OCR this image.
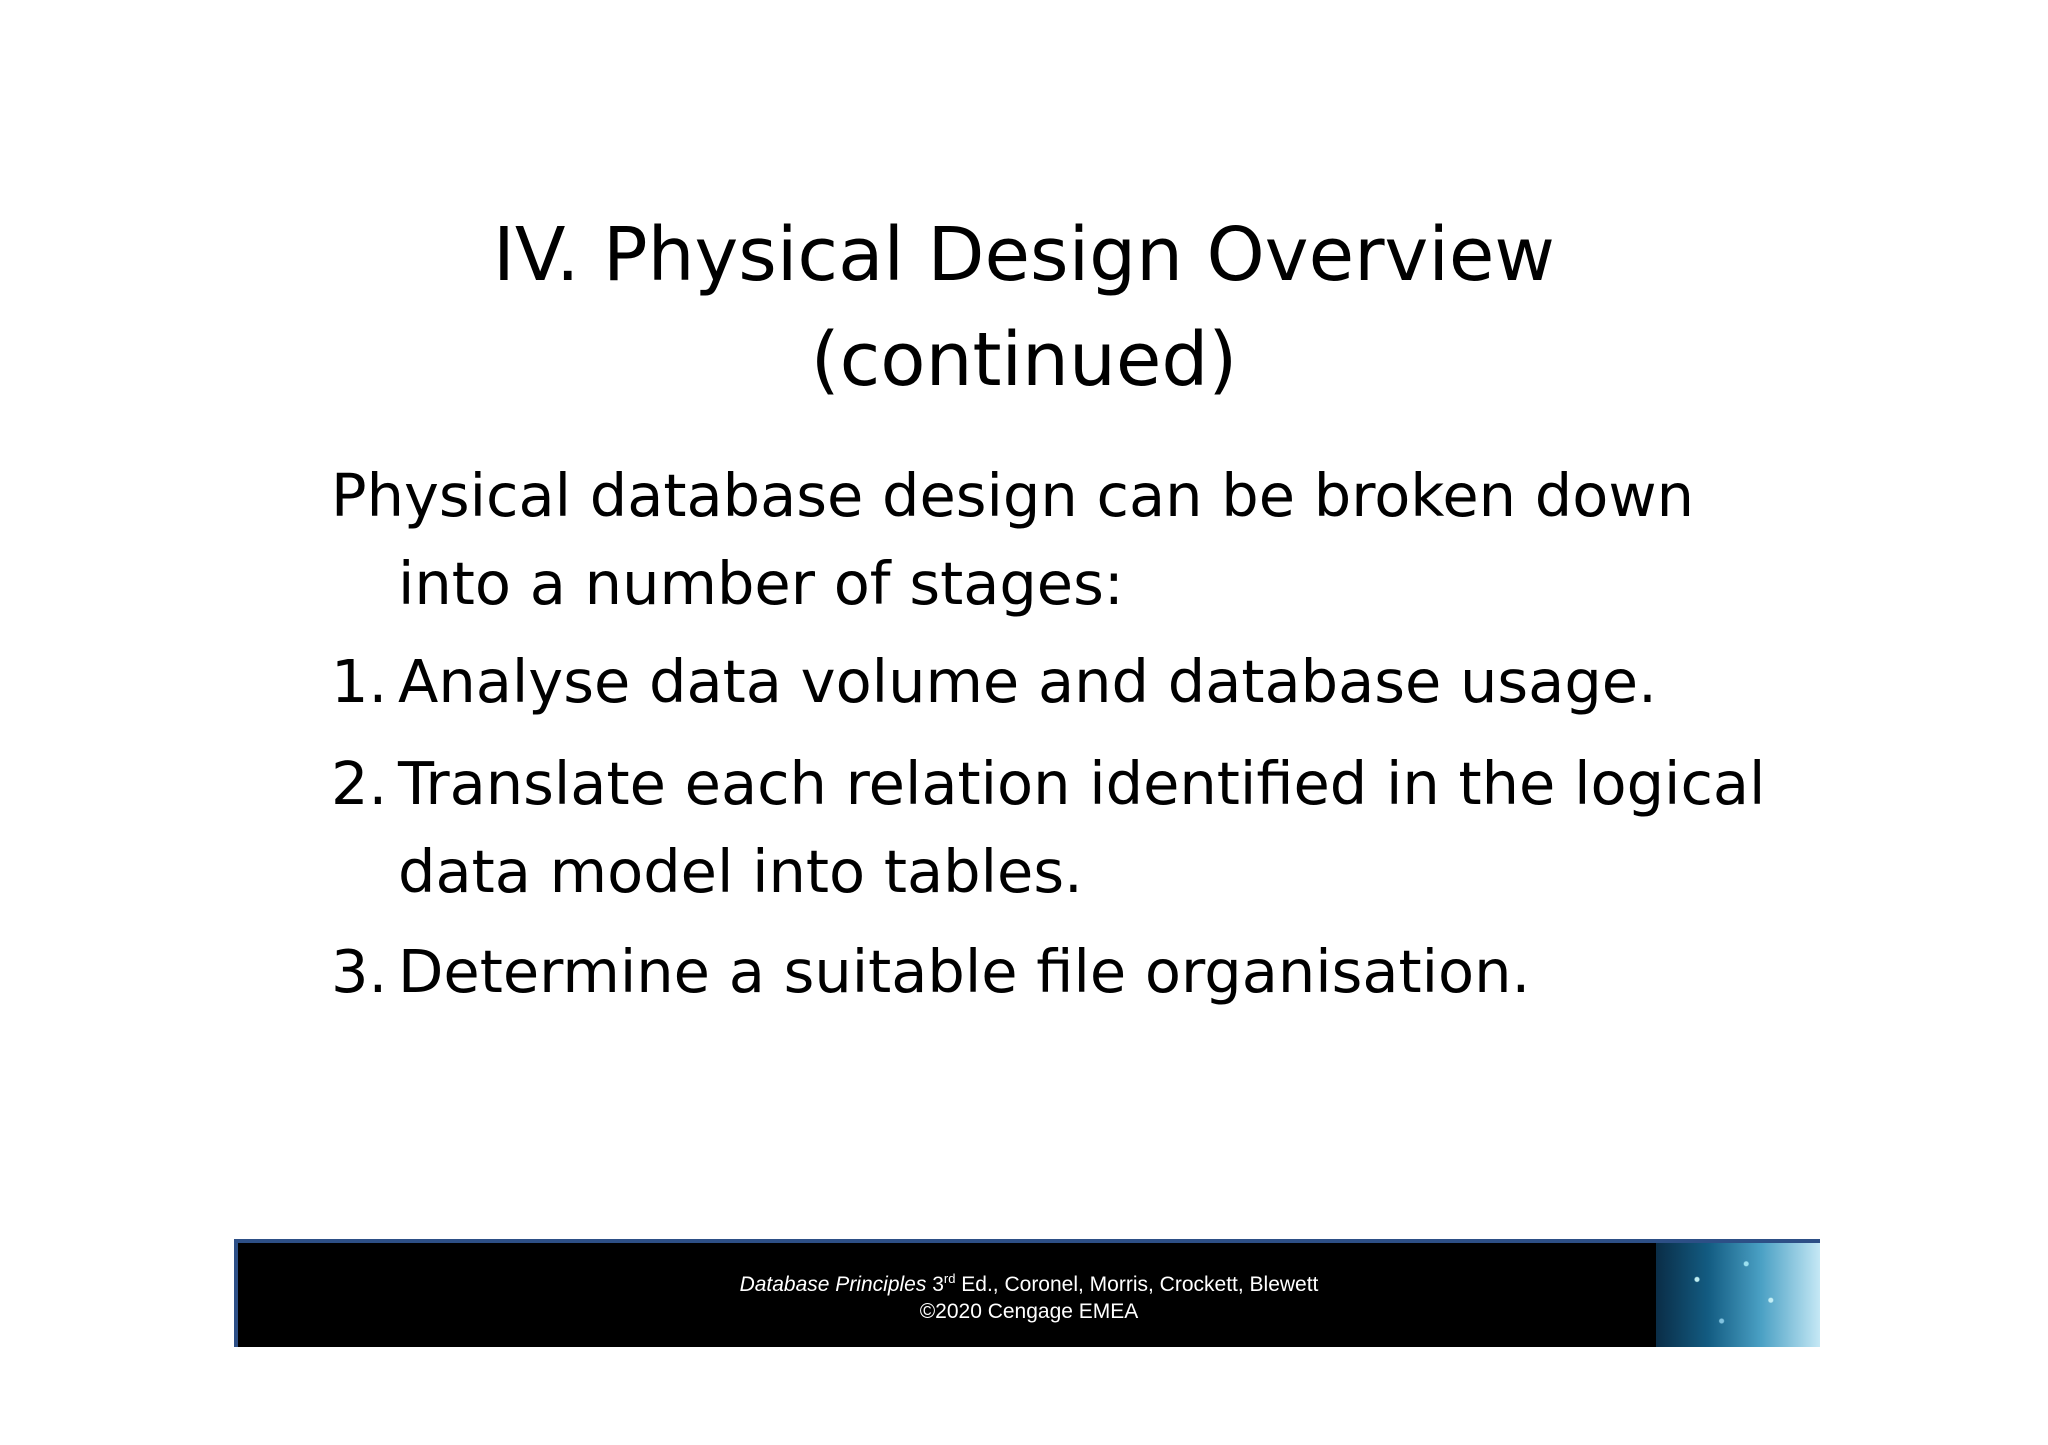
IV. Physical Design Overview
(continued)
Physical database design can be broken down
into a number of stages:
1. Analyse data volume and database usage.
2. Translate each relation identified in the logical
data model into tables.
3. Determine a suitable file organisation.
Database Principles 3rd Ed., Coronel, Morris, Crockett, Blewett
©2020 Cengage EMEA
